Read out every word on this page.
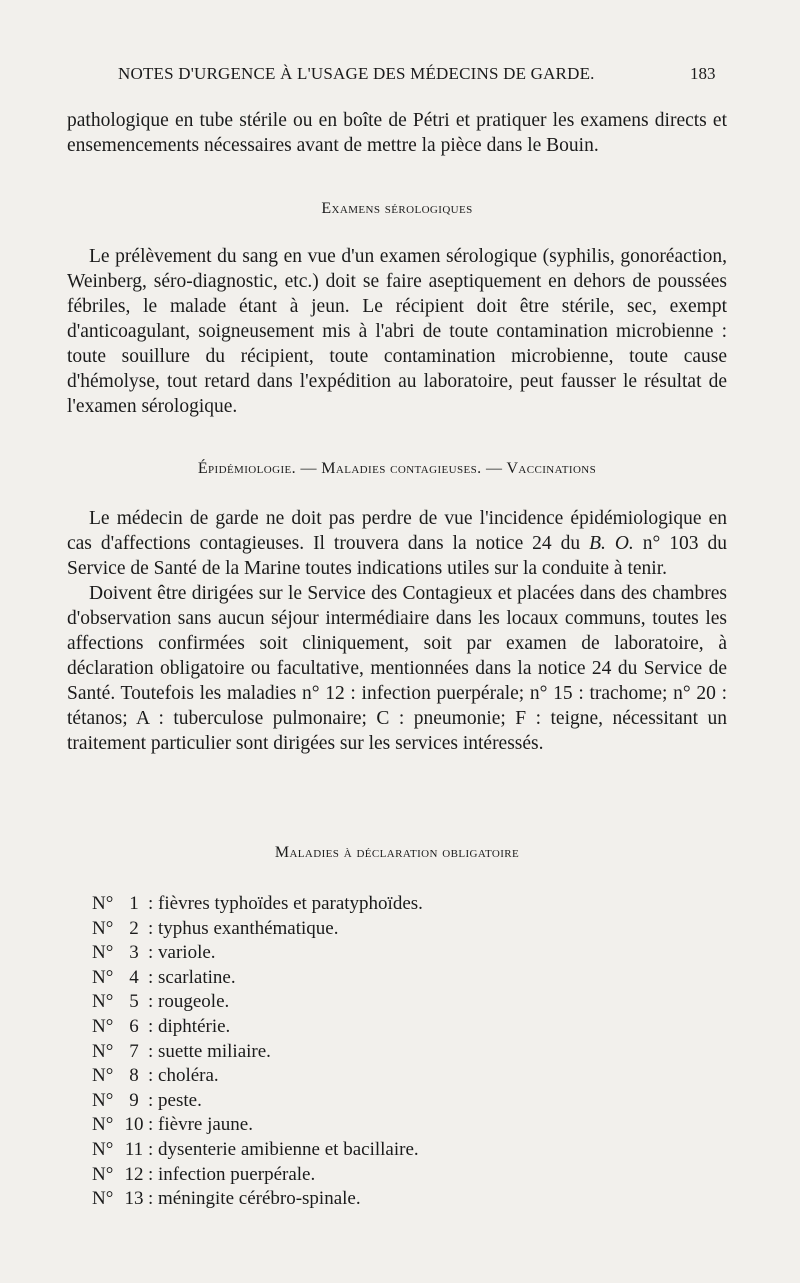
NOTES D'URGENCE À L'USAGE DES MÉDECINS DE GARDE.	183

pathologique en tube stérile ou en boîte de Pétri et pratiquer les examens directs et ensemencements nécessaires avant de mettre la pièce dans le Bouin.

Examens sérologiques

Le prélèvement du sang en vue d'un examen sérologique (syphilis, gonoréaction, Weinberg, séro-diagnostic, etc.) doit se faire aseptiquement en dehors de poussées fébriles, le malade étant à jeun. Le récipient doit être stérile, sec, exempt d'anticoagulant, soigneusement mis à l'abri de toute contamination microbienne : toute souillure du récipient, toute contamination microbienne, toute cause d'hémolyse, tout retard dans l'expédition au laboratoire, peut fausser le résultat de l'examen sérologique.

Épidémiologie. — Maladies contagieuses. — Vaccinations

Le médecin de garde ne doit pas perdre de vue l'incidence épidémiologique en cas d'affections contagieuses. Il trouvera dans la notice 24 du B. O. n° 103 du Service de Santé de la Marine toutes indications utiles sur la conduite à tenir.

Doivent être dirigées sur le Service des Contagieux et placées dans des chambres d'observation sans aucun séjour intermédiaire dans les locaux communs, toutes les affections confirmées soit cliniquement, soit par examen de laboratoire, à déclaration obligatoire ou facultative, mentionnées dans la notice 24 du Service de Santé. Toutefois les maladies n° 12 : infection puerpérale; n° 15 : trachome; n° 20 : tétanos; A : tuberculose pulmonaire; C : pneumonie; F : teigne, nécessitant un traitement particulier sont dirigées sur les services intéressés.

Maladies à déclaration obligatoire
N° 1 : fièvres typhoïdes et paratyphoïdes.
N° 2 : typhus exanthématique.
N° 3 : variole.
N° 4 : scarlatine.
N° 5 : rougeole.
N° 6 : diphtérie.
N° 7 : suette miliaire.
N° 8 : choléra.
N° 9 : peste.
N° 10 : fièvre jaune.
N° 11 : dysenterie amibienne et bacillaire.
N° 12 : infection puerpérale.
N° 13 : méningite cérébro-spinale.
